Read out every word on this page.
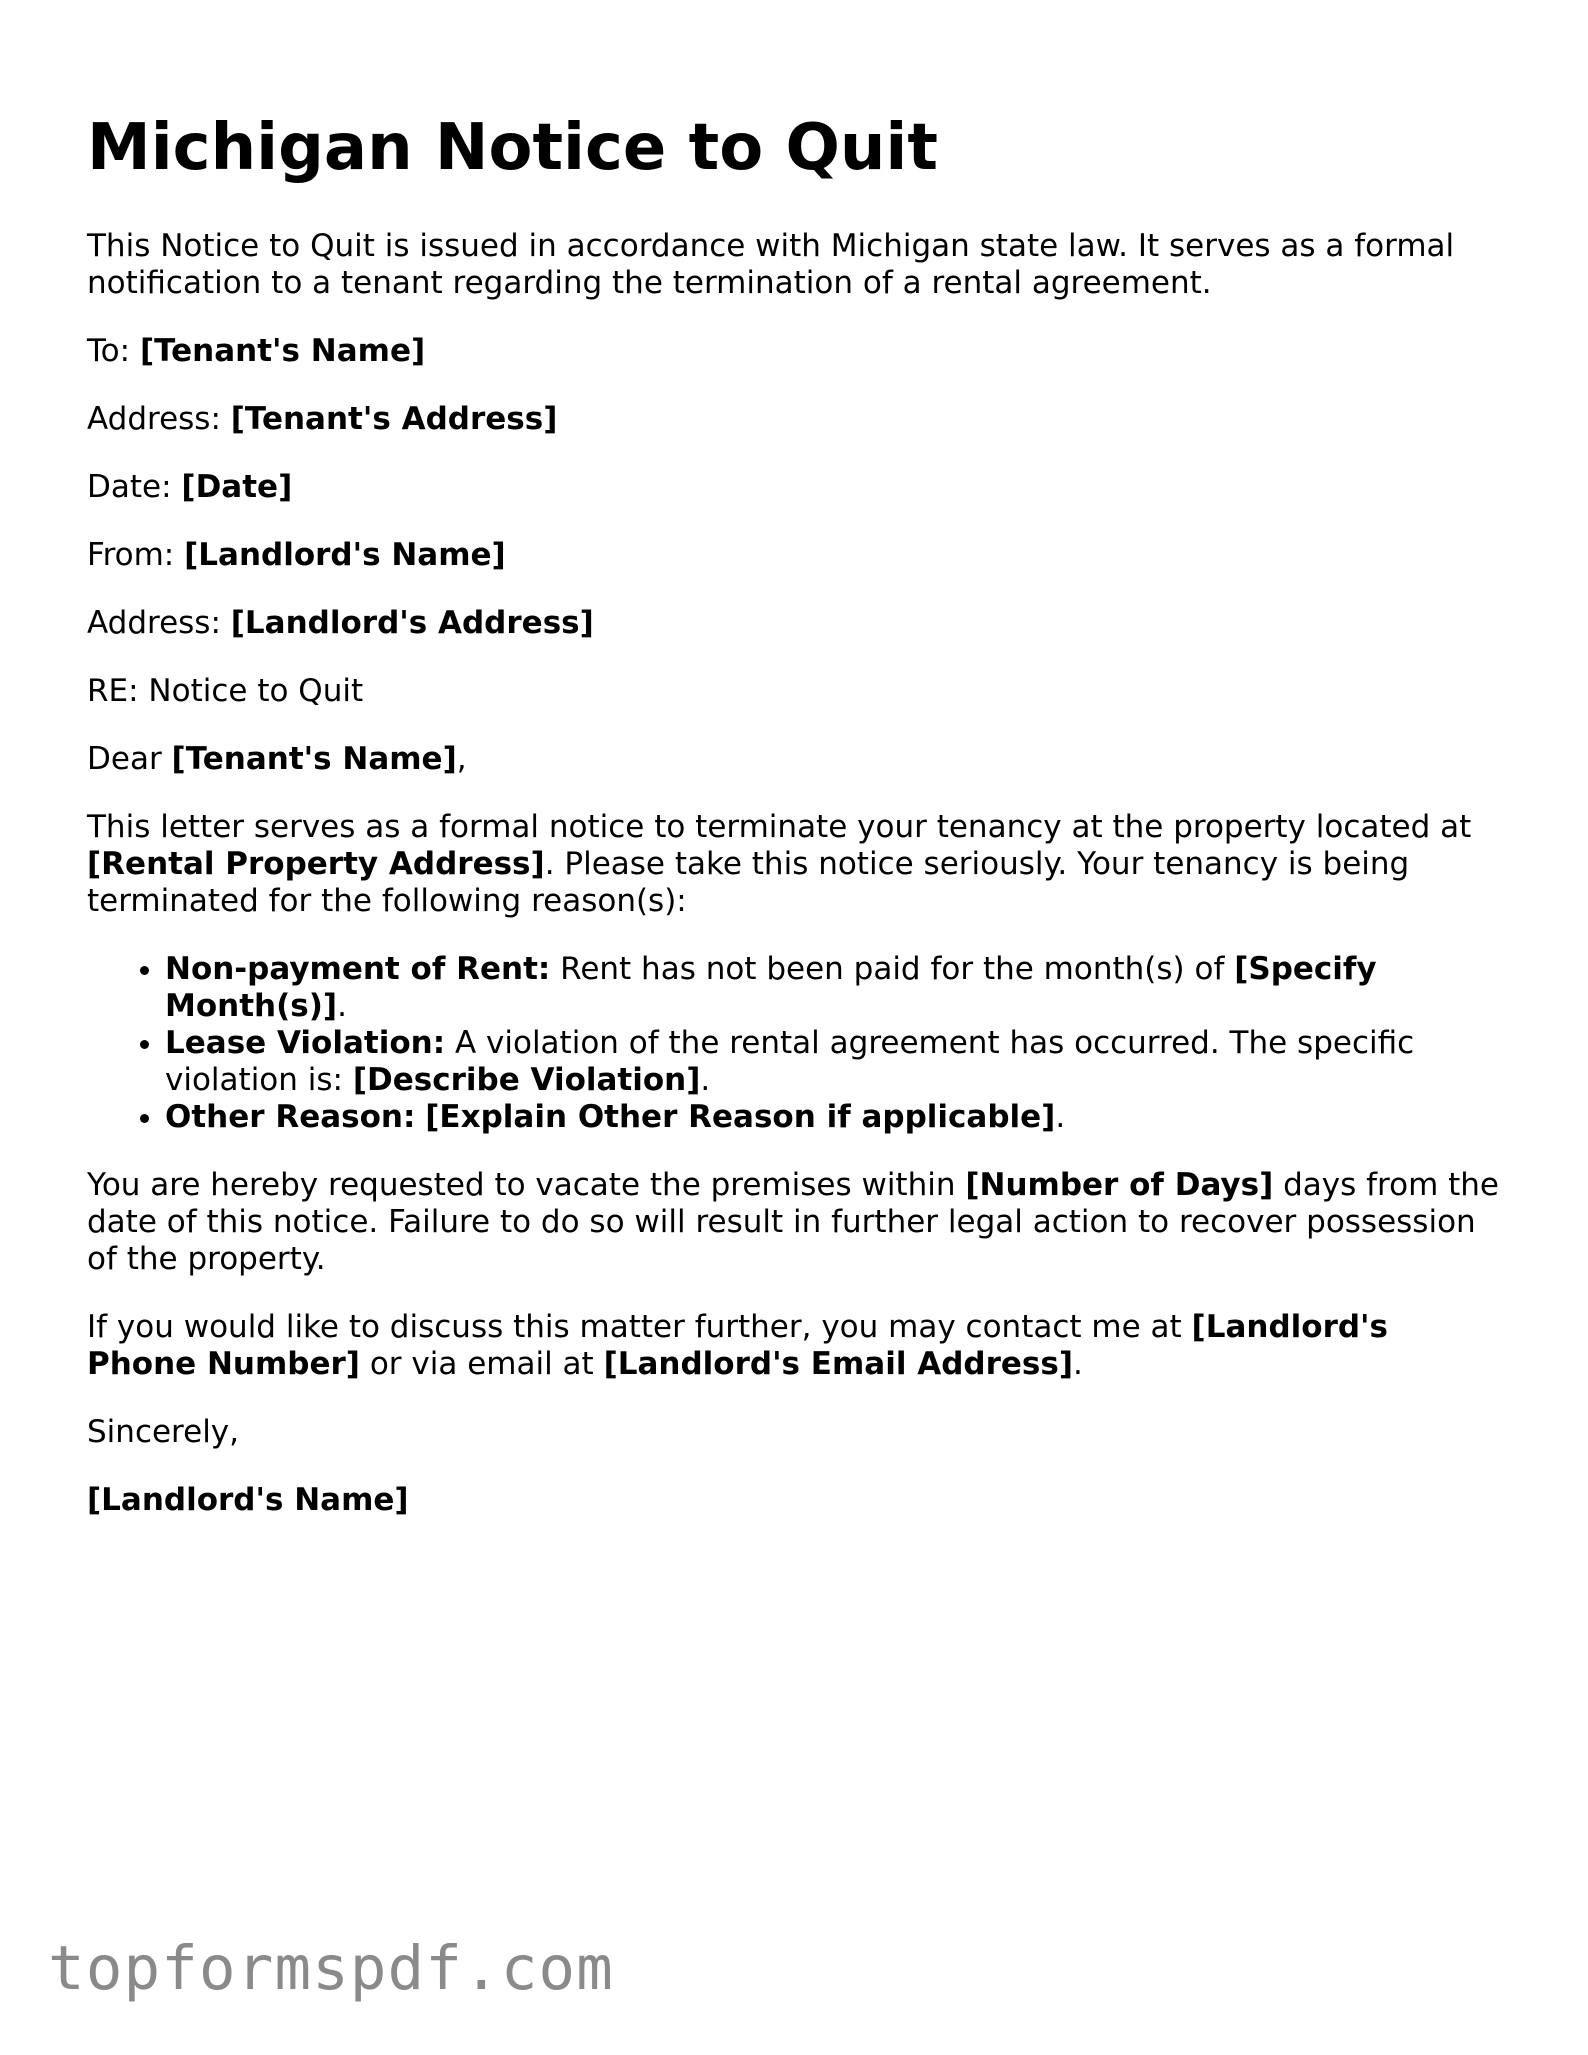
Michigan Notice to Quit

This Notice to Quit is issued in accordance with Michigan state law. It serves as a formal notification to a tenant regarding the termination of a rental agreement.

To: [Tenant's Name]

Address: [Tenant's Address]

Date: [Date]

From: [Landlord's Name]

Address: [Landlord's Address]

RE: Notice to Quit

Dear [Tenant's Name],

This letter serves as a formal notice to terminate your tenancy at the property located at [Rental Property Address]. Please take this notice seriously. Your tenancy is being terminated for the following reason(s):

• Non-payment of Rent: Rent has not been paid for the month(s) of [Specify Month(s)].
• Lease Violation: A violation of the rental agreement has occurred. The specific violation is: [Describe Violation].
• Other Reason: [Explain Other Reason if applicable].

You are hereby requested to vacate the premises within [Number of Days] days from the date of this notice. Failure to do so will result in further legal action to recover possession of the property.

If you would like to discuss this matter further, you may contact me at [Landlord's Phone Number] or via email at [Landlord's Email Address].

Sincerely,

[Landlord's Name]

topformspdf.com
